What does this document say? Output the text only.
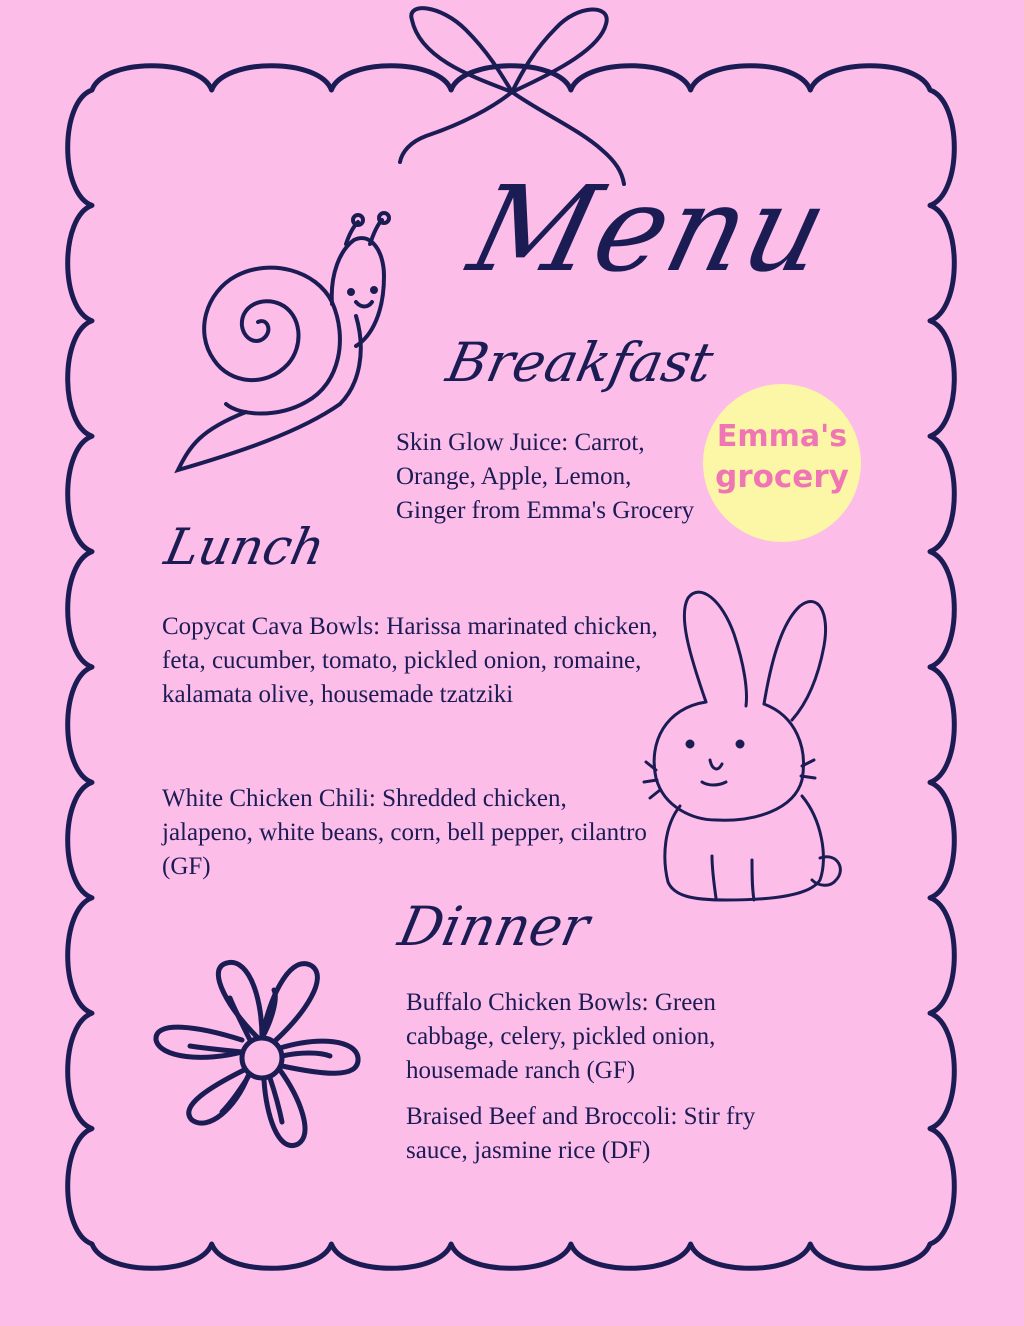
Menu
Breakfast

Skin Glow Juice: Carrot, Orange, Apple, Lemon, Ginger from Emma's Grocery

Emma's
grocery
Lunch

Copycat Cava Bowls: Harissa marinated chicken, feta, cucumber, tomato, pickled onion, romaine, kalamata olive, housemade tzatziki

White Chicken Chili: Shredded chicken, jalapeno, white beans, corn, bell pepper, cilantro (GF)

Dinner

Buffalo Chicken Bowls: Green cabbage, celery, pickled onion, housemade ranch (GF)

Braised Beef and Broccoli: Stir fry sauce, jasmine rice (DF)
